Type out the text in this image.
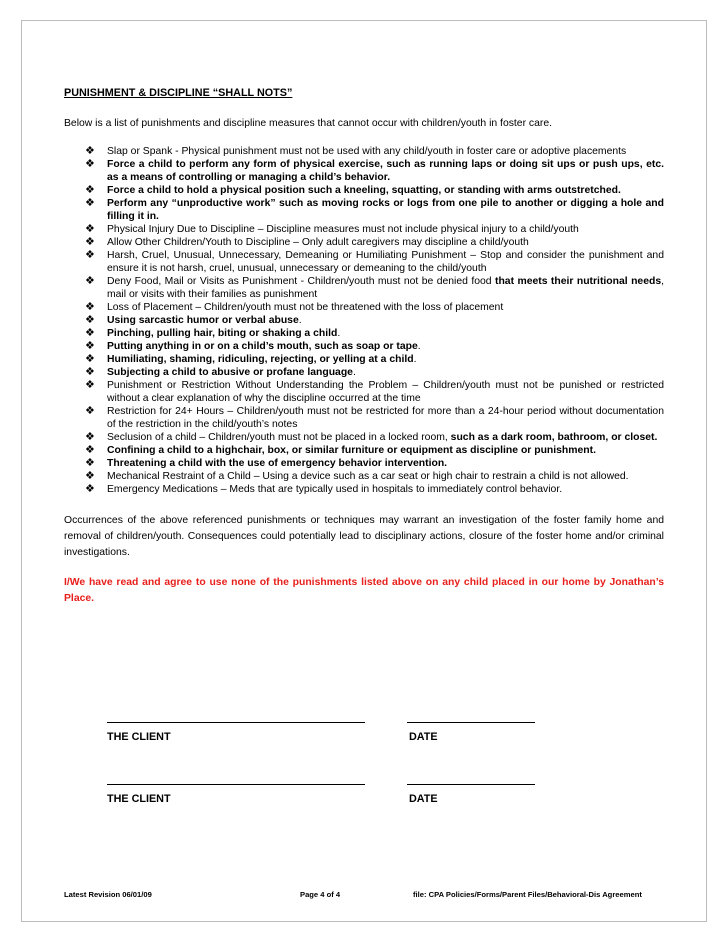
PUNISHMENT & DISCIPLINE “SHALL NOTS”

Below is a list of punishments and discipline measures that cannot occur with children/youth in foster care.

❖ Slap or Spank - Physical punishment must not be used with any child/youth in foster care or adoptive placements
❖ Force a child to perform any form of physical exercise, such as running laps or doing sit ups or push ups, etc. as a means of controlling or managing a child’s behavior.
❖ Force a child to hold a physical position such a kneeling, squatting, or standing with arms outstretched.
❖ Perform any “unproductive work” such as moving rocks or logs from one pile to another or digging a hole and filling it in.
❖ Physical Injury Due to Discipline – Discipline measures must not include physical injury to a child/youth
❖ Allow Other Children/Youth to Discipline – Only adult caregivers may discipline a child/youth
❖ Harsh, Cruel, Unusual, Unnecessary, Demeaning or Humiliating Punishment – Stop and consider the punishment and ensure it is not harsh, cruel, unusual, unnecessary or demeaning to the child/youth
❖ Deny Food, Mail or Visits as Punishment - Children/youth must not be denied food that meets their nutritional needs, mail or visits with their families as punishment
❖ Loss of Placement – Children/youth must not be threatened with the loss of placement
❖ Using sarcastic humor or verbal abuse.
❖ Pinching, pulling hair, biting or shaking a child.
❖ Putting anything in or on a child’s mouth, such as soap or tape.
❖ Humiliating, shaming, ridiculing, rejecting, or yelling at a child.
❖ Subjecting a child to abusive or profane language.
❖ Punishment or Restriction Without Understanding the Problem – Children/youth must not be punished or restricted without a clear explanation of why the discipline occurred at the time
❖ Restriction for 24+ Hours – Children/youth must not be restricted for more than a 24-hour period without documentation of the restriction in the child/youth’s notes
❖ Seclusion of a child – Children/youth must not be placed in a locked room, such as a dark room, bathroom, or closet.
❖ Confining a child to a highchair, box, or similar furniture or equipment as discipline or punishment.
❖ Threatening a child with the use of emergency behavior intervention.
❖ Mechanical Restraint of a Child – Using a device such as a car seat or high chair to restrain a child is not allowed.
❖ Emergency Medications – Meds that are typically used in hospitals to immediately control behavior.

Occurrences of the above referenced punishments or techniques may warrant an investigation of the foster family home and removal of children/youth. Consequences could potentially lead to disciplinary actions, closure of the foster home and/or criminal investigations.

I/We have read and agree to use none of the punishments listed above on any child placed in our home by Jonathan’s Place.

THE CLIENT	DATE
THE CLIENT	DATE
Latest Revision 06/01/09	Page 4 of 4	file: CPA Policies/Forms/Parent Files/Behavioral-Dis Agreement
